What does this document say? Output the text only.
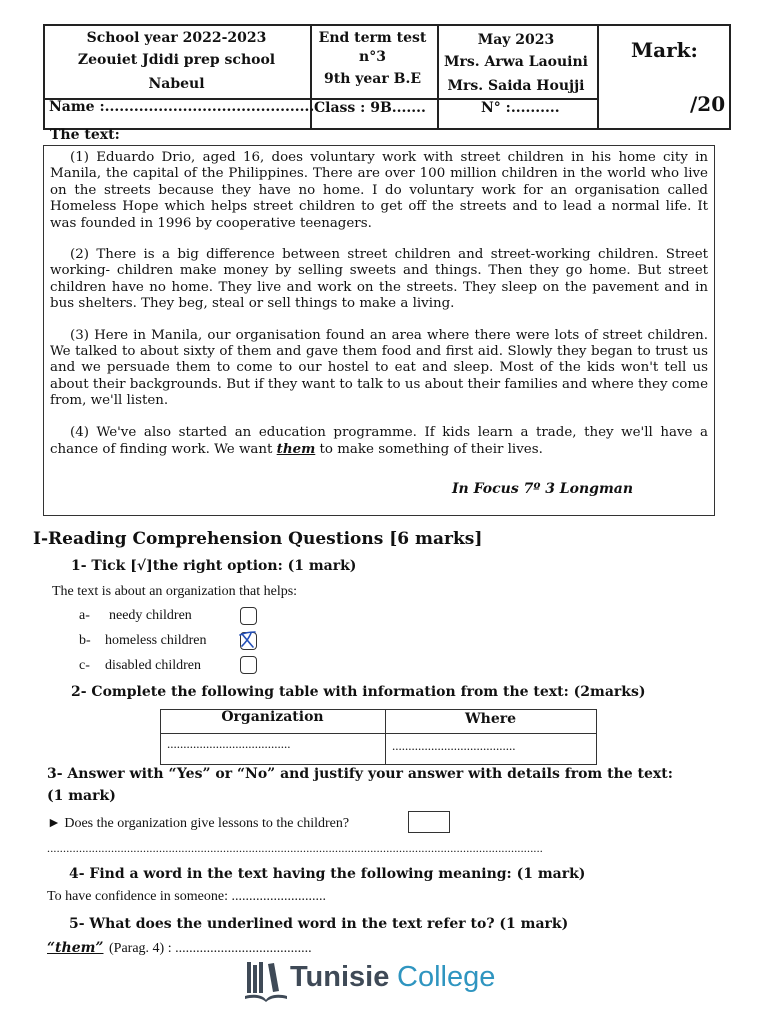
School year 2022-2023
Zeouiet Jdidi prep school
Nabeul
Name :...........................................
End term test
n°3
9th year B.E
Class : 9B.......
May 2023
Mrs. Arwa Laouini
Mrs. Saida Houjji
N° :..........
Mark:
/20
The text:

(1) Eduardo Drio, aged 16, does voluntary work with street children in his home city in Manila, the capital of the Philippines. There are over 100 million children in the world who live on the streets because they have no home. I do voluntary work for an organisation called Homeless Hope which helps street children to get off the streets and to lead a normal life. It was founded in 1996 by cooperative teenagers.

(2) There is a big difference between street children and street-working children. Street working- children make money by selling sweets and things. Then they go home. But street children have no home. They live and work on the streets. They sleep on the pavement and in bus shelters. They beg, steal or sell things to make a living.

(3) Here in Manila, our organisation found an area where there were lots of street children. We talked to about sixty of them and gave them food and first aid. Slowly they began to trust us and we persuade them to come to our hostel to eat and sleep. Most of the kids won't tell us about their backgrounds. But if they want to talk to us about their families and where they come from, we'll listen.

(4) We've also started an education programme. If kids learn a trade, they we'll have a chance of finding work. We want them to make something of their lives.

In Focus 7º 3 Longman
I-Reading Comprehension Questions [6 marks]
1- Tick [√]the right option: (1 mark)
The text is about an organization that helps:
a- needy children
b- homeless children
c- disabled children
2- Complete the following table with information from the text: (2marks)
Organization	Where
......................................	......................................
3- Answer with “Yes” or “No” and justify your answer with details from the text:
(1 mark)
► Does the organization give lessons to the children?
...........................................................................................................................................................
4- Find a word in the text having the following meaning: (1 mark)
To have confidence in someone: ...........................
5- What does the underlined word in the text refer to? (1 mark)
“them” (Parag. 4) : .......................................
Tunisie College
